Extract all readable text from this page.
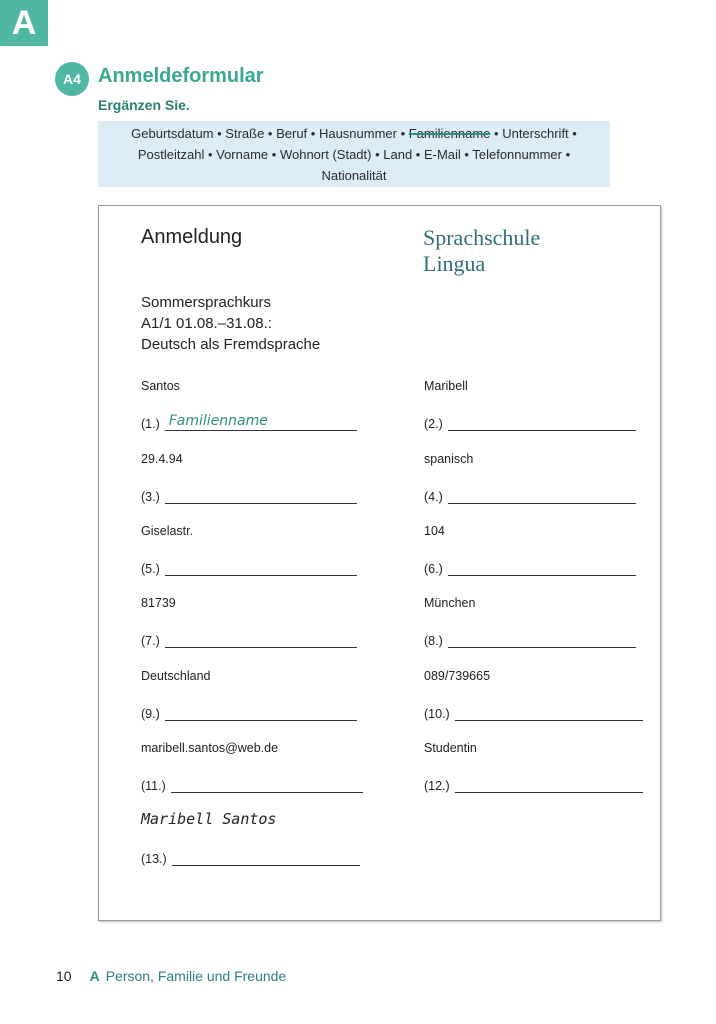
A
A4 Anmeldeformular
Ergänzen Sie.
Geburtsdatum • Straße • Beruf • Hausnummer • Familienname • Unterschrift •
Postleitzahl • Vorname • Wohnort (Stadt) • Land • E-Mail • Telefonnummer •
Nationalität
Anmeldung	Sprachschule
Lingua
Sommersprachkurs
A1/1 01.08.–31.08.:
Deutsch als Fremdsprache
Santos	Maribell
(1.) Familienname	(2.)
29.4.94	spanisch
(3.)	(4.)
Giselastr.	104
(5.)	(6.)
81739	München
(7.)	(8.)
Deutschland	089/739665
(9.)	(10.)
maribell.santos@web.de	Studentin
(11.)	(12.)
Maribell Santos
(13.)
10 A Person, Familie und Freunde
